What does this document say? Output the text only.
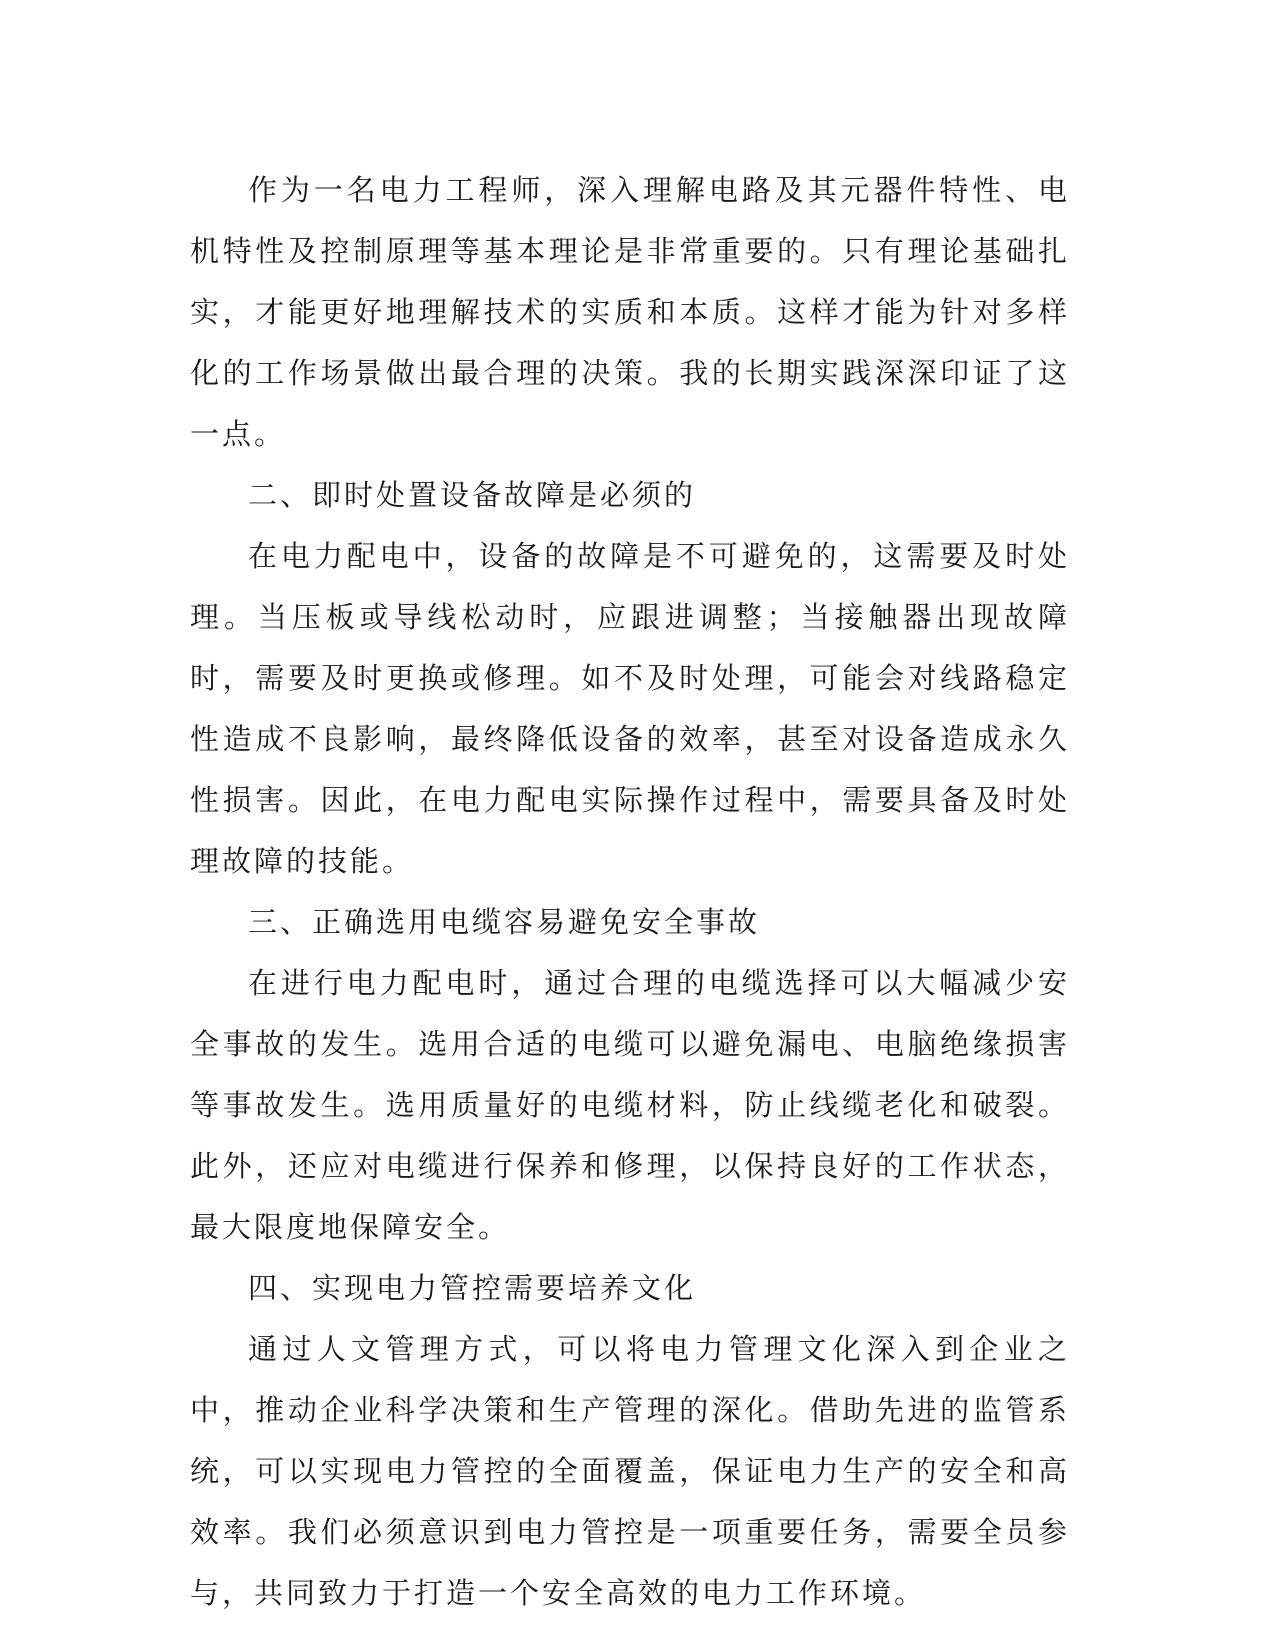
作为一名电力工程师，深入理解电路及其元器件特性、电机特性及控制原理等基本理论是非常重要的。只有理论基础扎实，才能更好地理解技术的实质和本质。这样才能为针对多样化的工作场景做出最合理的决策。我的长期实践深深印证了这一点。

二、即时处置设备故障是必须的

在电力配电中，设备的故障是不可避免的，这需要及时处理。当压板或导线松动时，应跟进调整；当接触器出现故障时，需要及时更换或修理。如不及时处理，可能会对线路稳定性造成不良影响，最终降低设备的效率，甚至对设备造成永久性损害。因此，在电力配电实际操作过程中，需要具备及时处理故障的技能。

三、正确选用电缆容易避免安全事故

在进行电力配电时，通过合理的电缆选择可以大幅减少安全事故的发生。选用合适的电缆可以避免漏电、电脑绝缘损害等事故发生。选用质量好的电缆材料，防止线缆老化和破裂。此外，还应对电缆进行保养和修理，以保持良好的工作状态，最大限度地保障安全。

四、实现电力管控需要培养文化

通过人文管理方式，可以将电力管理文化深入到企业之中，推动企业科学决策和生产管理的深化。借助先进的监管系统，可以实现电力管控的全面覆盖，保证电力生产的安全和高效率。我们必须意识到电力管控是一项重要任务，需要全员参与，共同致力于打造一个安全高效的电力工作环境。
